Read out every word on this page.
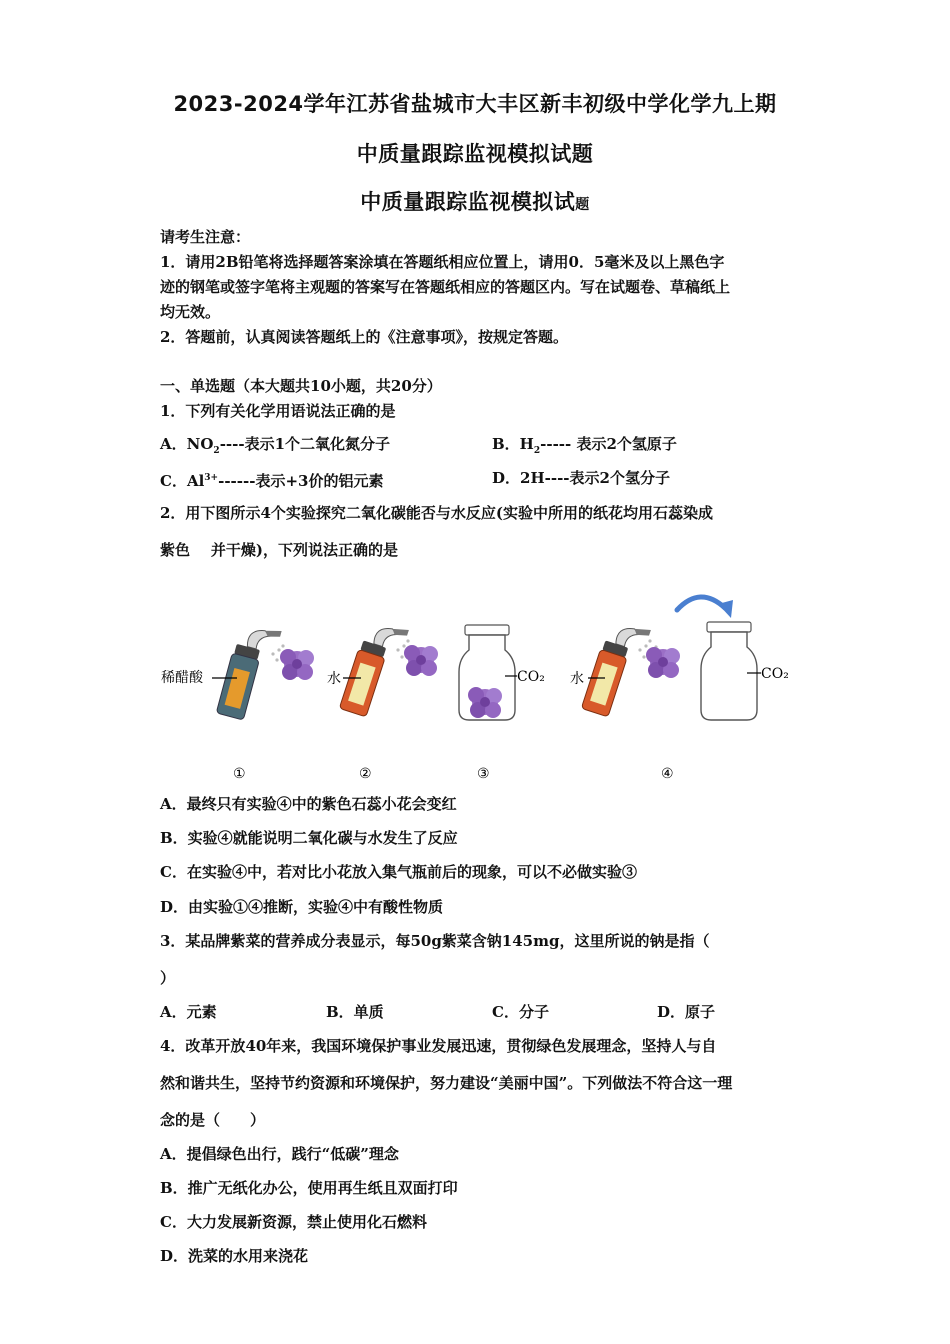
2023-2024学年江苏省盐城市大丰区新丰初级中学化学九上期
中质量跟踪监视模拟试题
中质量跟踪监视模拟试题
请考生注意：
1．请用2B铅笔将选择题答案涂填在答题纸相应位置上，请用0．5毫米及以上黑色字
迹的钢笔或签字笔将主观题的答案写在答题纸相应的答题区内。写在试题卷、草稿纸上
均无效。
2．答题前，认真阅读答题纸上的《注意事项》，按规定答题。
一、单选题（本大题共10小题，共20分）
1．下列有关化学用语说法正确的是
A．$NO_2----$表示1个二氧化氮分子	B．$H_2-----$ 表示2个氢原子
C．$Al^{3+}------$表示+3价的铝元素	D．2H----表示2个氢分子
2．用下图所示4个实验探究二氧化碳能否与水反应(实验中所用的纸花均用石蕊染成
紫色    并干燥)，下列说法正确的是
稀醋酸	水	CO₂ 水	CO₂
①	②	③	④
A．最终只有实验④中的紫色石蕊小花会变红
B．实验④就能说明二氧化碳与水发生了反应
C．在实验④中，若对比小花放入集气瓶前后的现象，可以不必做实验③
D．由实验①④推断，实验④中有酸性物质
3．某品牌紫菜的营养成分表显示，每50g紫菜含钠145mg，这里所说的钠是指（
）
A．元素	B．单质	C．分子	D．原子
4．改革开放40年来，我国环境保护事业发展迅速，贯彻绿色发展理念，坚持人与自
然和谐共生，坚持节约资源和环境保护，努力建设“美丽中国”。下列做法不符合这一理
念的是（　　）
A．提倡绿色出行，践行“低碳”理念
B．推广无纸化办公，使用再生纸且双面打印
C．大力发展新资源，禁止使用化石燃料
D．洗菜的水用来浇花
